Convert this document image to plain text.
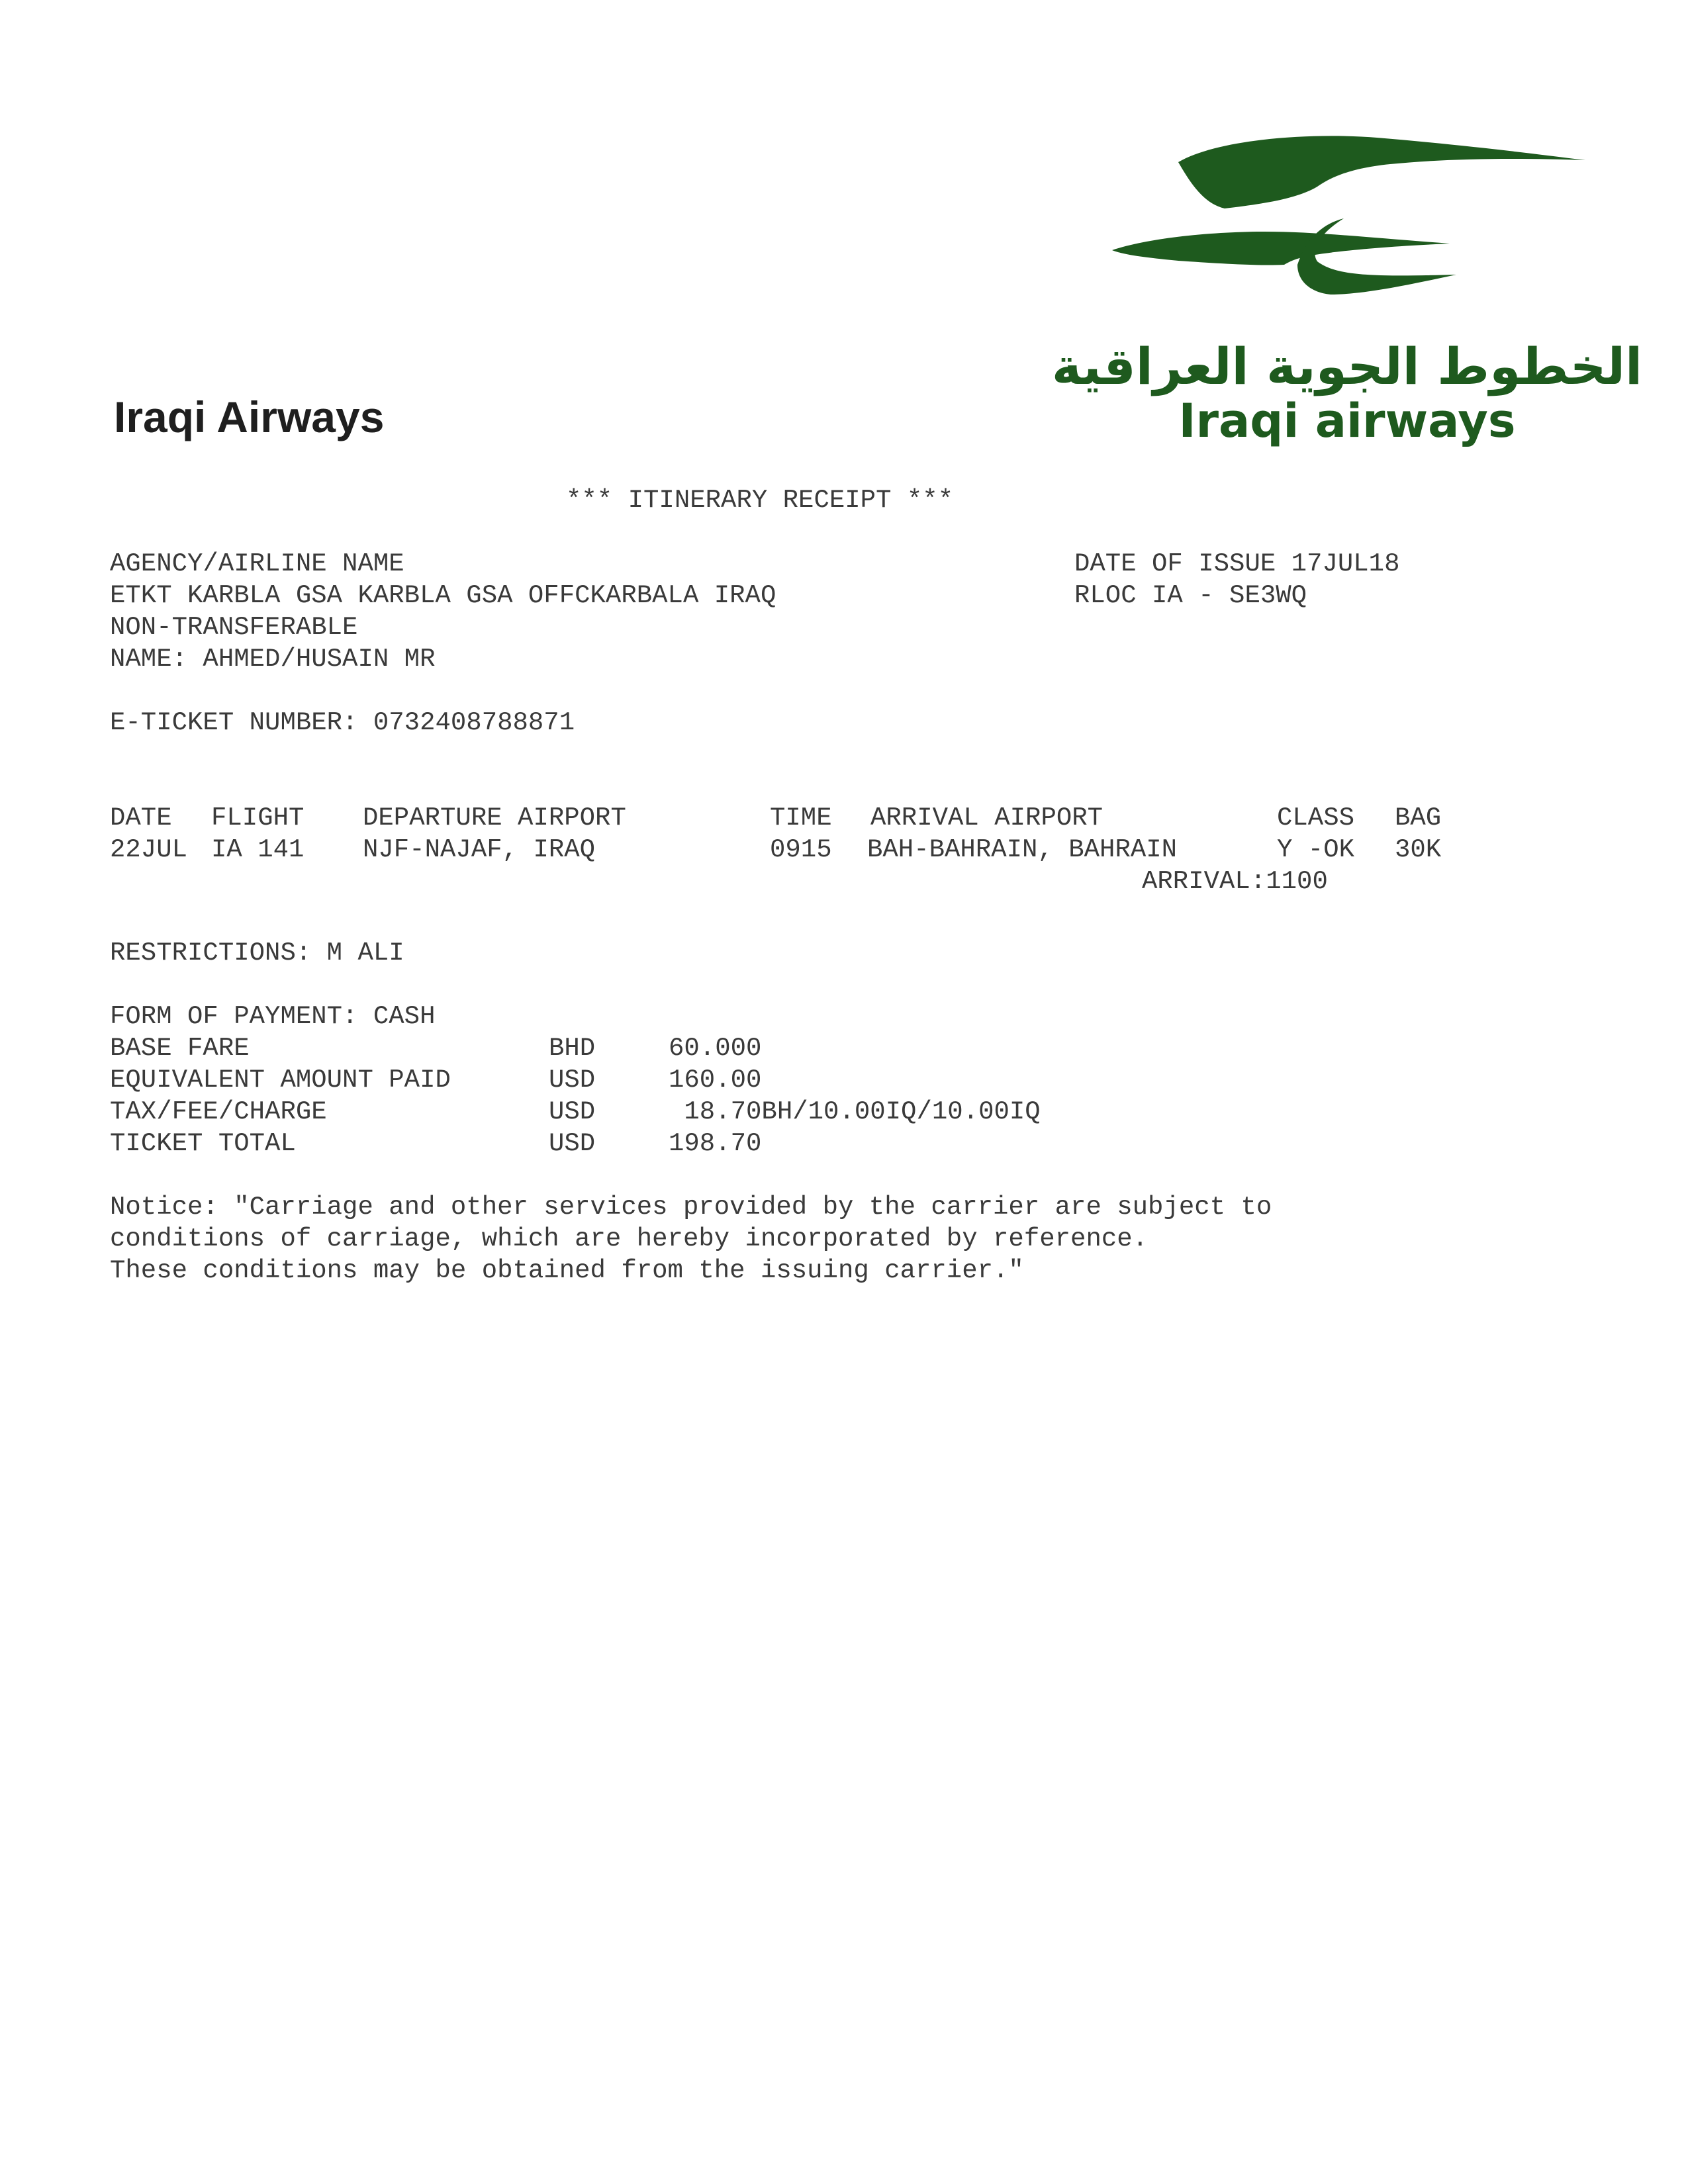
الخطوط الجوية العراقية
Iraqi airways
Iraqi Airways
*** ITINERARY RECEIPT ***
AGENCY/AIRLINE NAME	DATE OF ISSUE 17JUL18
ETKT KARBLA GSA KARBLA GSA OFFCKARBALA IRAQ	RLOC IA - SE3WQ
NON-TRANSFERABLE
NAME: AHMED/HUSAIN MR
E-TICKET NUMBER: 0732408788871
DATE FLIGHT DEPARTURE AIRPORT	TIME ARRIVAL AIRPORT	CLASS BAG
22JUL IA 141 NJF-NAJAF, IRAQ	0915 BAH-BAHRAIN, BAHRAIN	Y -OK 30K
ARRIVAL:1100
RESTRICTIONS: M ALI
FORM OF PAYMENT: CASH
BASE FARE	BHD	60.000
EQUIVALENT AMOUNT PAID	USD	160.00
TAX/FEE/CHARGE	USD	18.70BH/10.00IQ/10.00IQ
TICKET TOTAL	USD	198.70
Notice: "Carriage and other services provided by the carrier are subject to
conditions of carriage, which are hereby incorporated by reference.
These conditions may be obtained from the issuing carrier."
